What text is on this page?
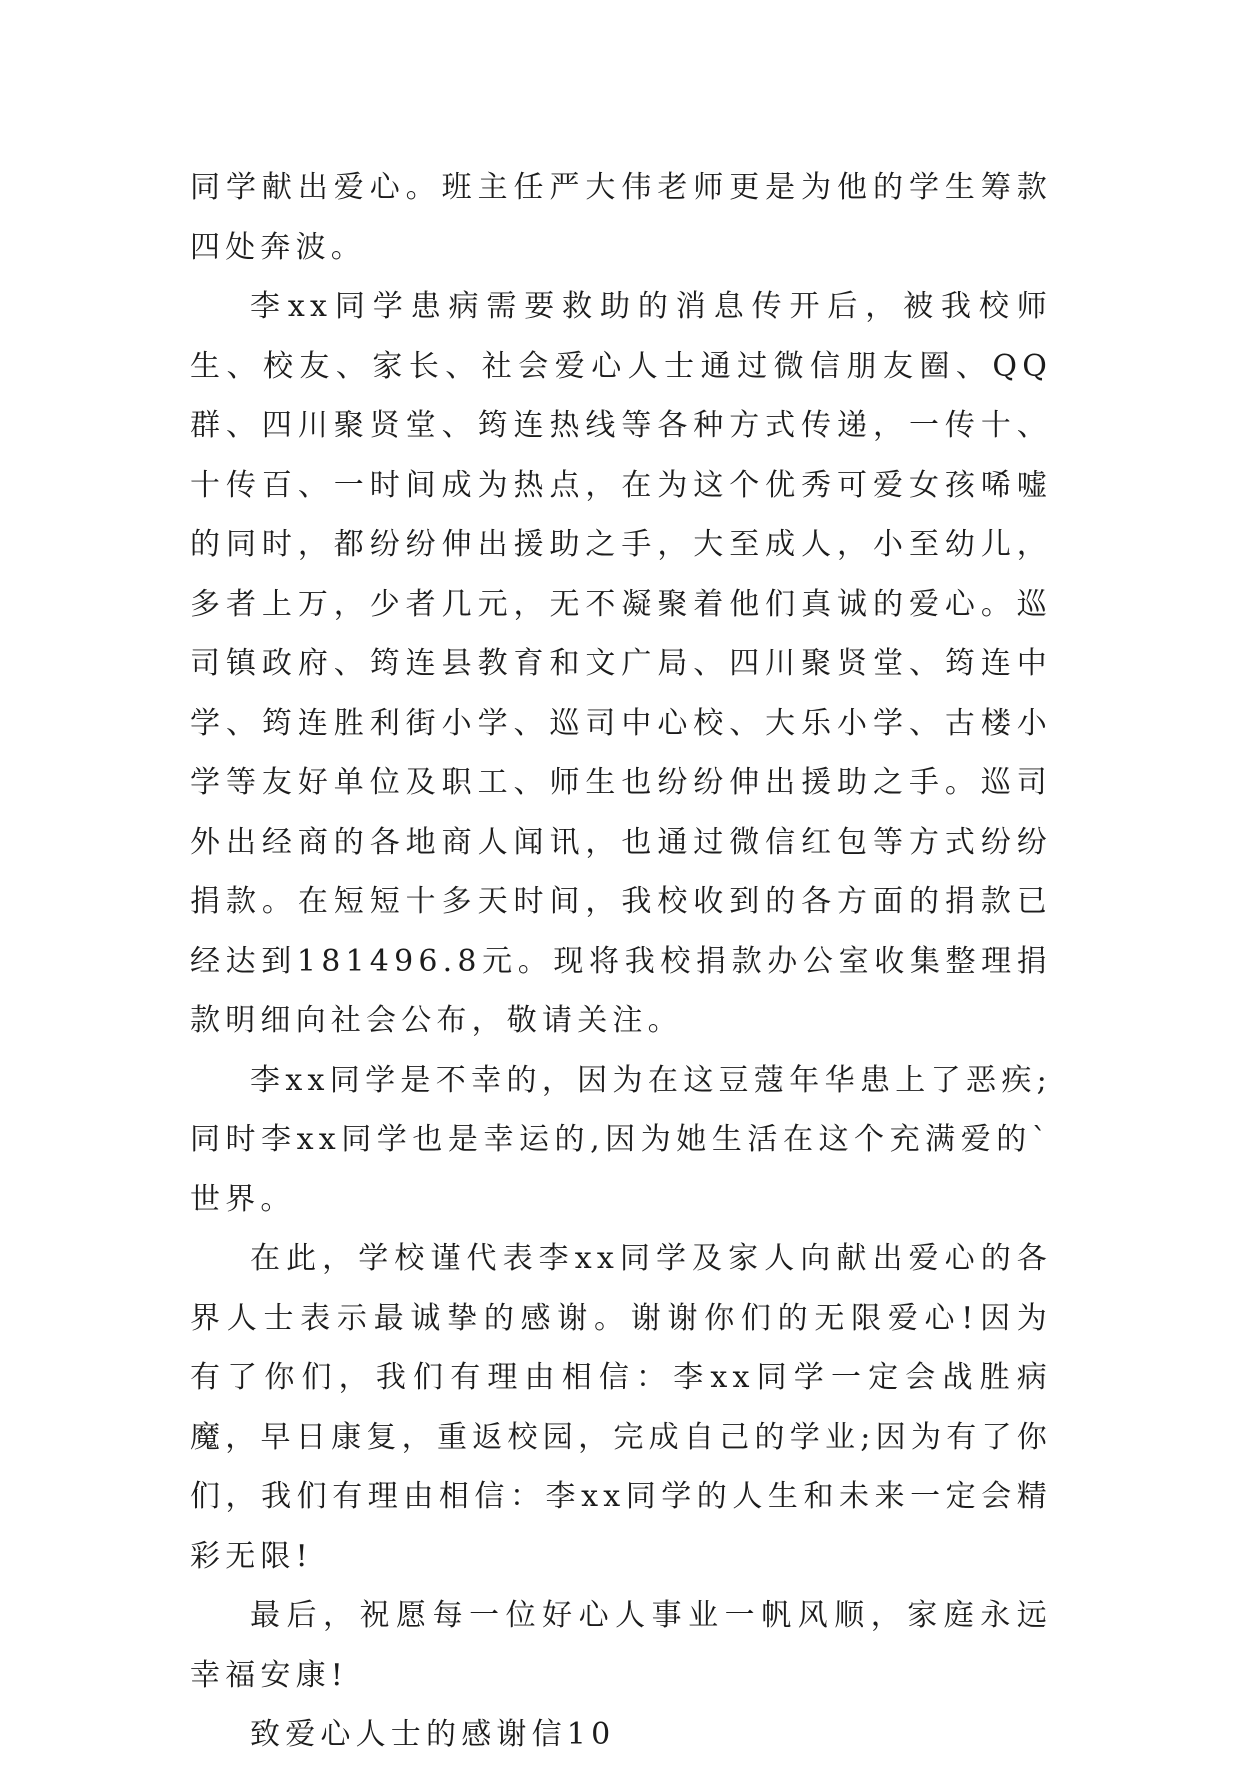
同学献出爱心。班主任严大伟老师更是为他的学生筹款四处奔波。

李xx同学患病需要救助的消息传开后，被我校师生、校友、家长、社会爱心人士通过微信朋友圈、QQ群、四川聚贤堂、筠连热线等各种方式传递，一传十、十传百、一时间成为热点，在为这个优秀可爱女孩唏嘘的同时，都纷纷伸出援助之手，大至成人，小至幼儿，多者上万，少者几元，无不凝聚着他们真诚的爱心。巡司镇政府、筠连县教育和文广局、四川聚贤堂、筠连中学、筠连胜利街小学、巡司中心校、大乐小学、古楼小学等友好单位及职工、师生也纷纷伸出援助之手。巡司外出经商的各地商人闻讯，也通过微信红包等方式纷纷捐款。在短短十多天时间，我校收到的各方面的捐款已经达到181496.8元。现将我校捐款办公室收集整理捐款明细向社会公布，敬请关注。

李xx同学是不幸的，因为在这豆蔻年华患上了恶疾;同时李xx同学也是幸运的,因为她生活在这个充满爱的`世界。

在此，学校谨代表李xx同学及家人向献出爱心的各界人士表示最诚挚的感谢。谢谢你们的无限爱心!因为有了你们，我们有理由相信：李xx同学一定会战胜病魔，早日康复，重返校园，完成自己的学业;因为有了你们，我们有理由相信：李xx同学的人生和未来一定会精彩无限!

最后，祝愿每一位好心人事业一帆风顺，家庭永远幸福安康!

致爱心人士的感谢信10
